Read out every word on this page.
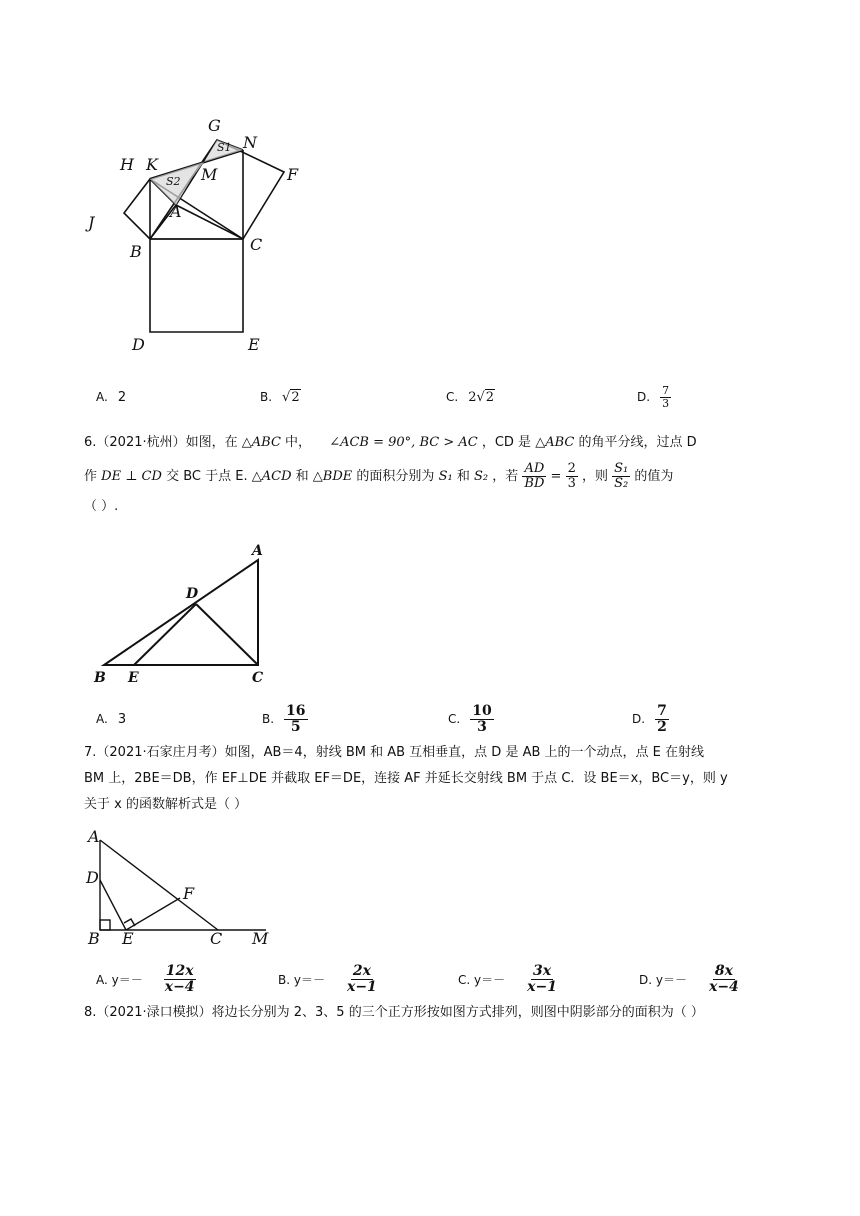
G
N
S1
H K
M	F
S2
A
J
B	C
D	E
A. 2	B. √2	C. 2√2	D. $\frac{7}{3}$

6.（2021·杭州）如图，在 △ABC 中， ∠ACB = 90°, BC > AC ，CD 是 △ABC 的角平分线，过点 D

作 DE ⊥ CD 交 BC 于点 E. △ACD 和 △BDE 的面积分别为 S₁ 和 S₂ ，若 $\frac{AD}{BD} = \frac{2}{3}$ ，则 $\frac{\text{S₁}}{\text{S₂}}$ 的值为

（ ）.

A
D
B E	C
A. 3	B. $\frac{16}{5}$	C. $\frac{10}{3}$	D. $\frac{7}{2}$

7.（2021·石家庄月考）如图，AB＝4，射线 BM 和 AB 互相垂直，点 D 是 AB 上的一个动点，点 E 在射线

BM 上，2BE＝DB，作 EF⊥DE 并截取 EF＝DE，连接 AF 并延长交射线 BM 于点 C．设 BE＝x，BC＝y，则 y

关于 x 的函数解析式是（ ）

A
D
F
B E	C M
A. $y=- \frac{12x}{x-4}$	B. $y=- \frac{2x}{x-1}$	C. $y=- \frac{3x}{x-1}$	D. $y=- \frac{8x}{x-4}$

8.（2021·渌口模拟）将边长分别为 2、3、5 的三个正方形按如图方式排列，则图中阴影部分的面积为（ ）
